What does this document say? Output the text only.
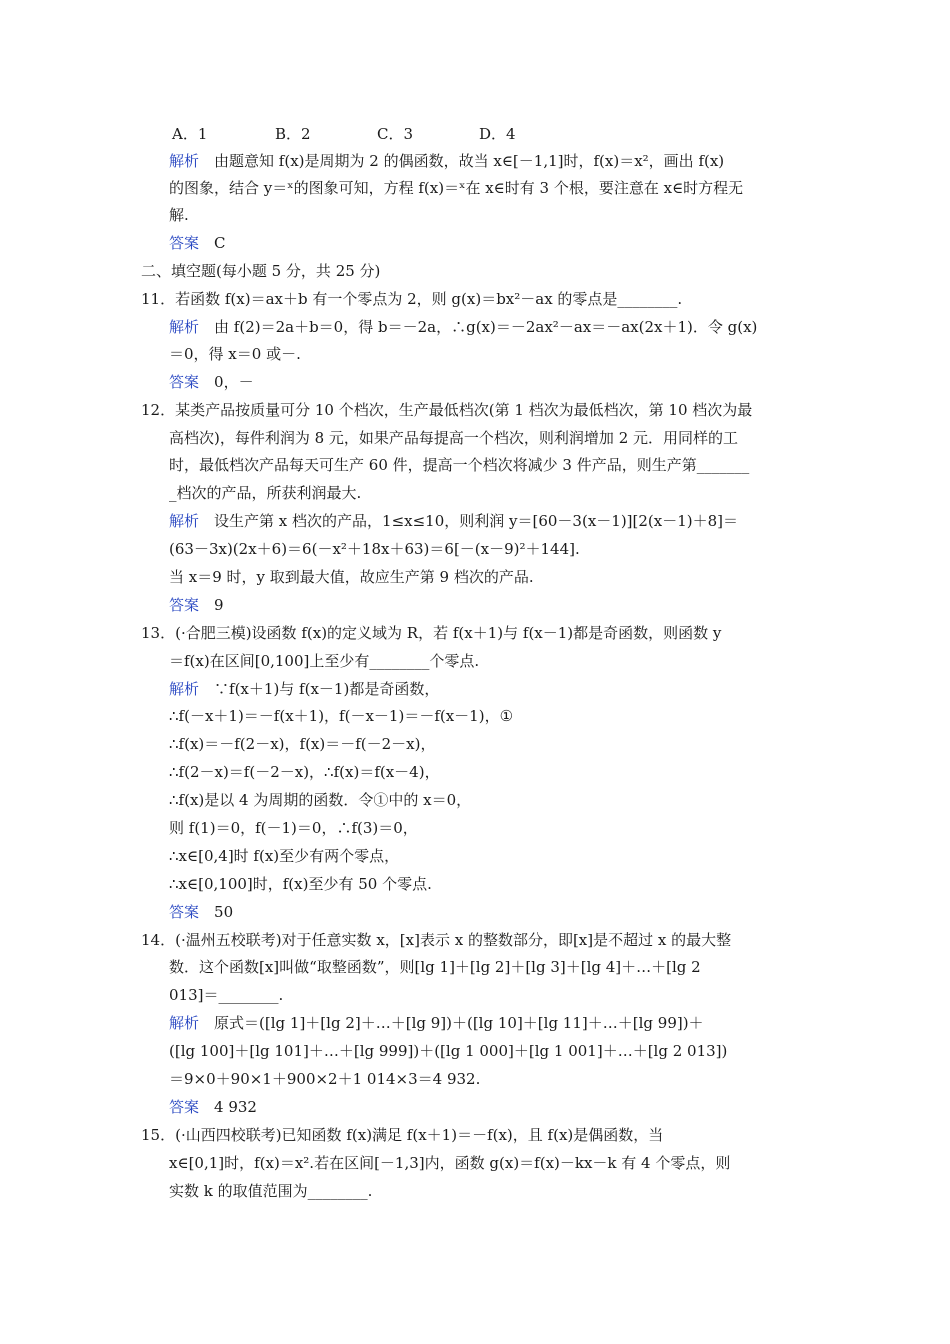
A．1	B．2	C．3	D．4
解析　 由题意知 f(x)是周期为 2 的偶函数，故当 x∈[－1,1]时，f(x)＝x²，画出 f(x)
的图象，结合 y＝ˣ的图象可知，方程 f(x)＝ˣ在 x∈时有 3 个根，要注意在 x∈时方程无
解.
答案　 C
二、填空题(每小题 5 分，共 25 分)
11．若函数 f(x)＝ax＋b 有一个零点为 2，则 g(x)＝bx²－ax 的零点是________.
解析　 由 f(2)＝2a＋b＝0，得 b＝－2a，∴g(x)＝－2ax²－ax＝－ax(2x＋1)．令 g(x)
＝0，得 x＝0 或－.
答案　 0，－
12．某类产品按质量可分 10 个档次，生产最低档次(第 1 档次为最低档次，第 10 档次为最
高档次)，每件利润为 8 元，如果产品每提高一个档次，则利润增加 2 元．用同样的工
时，最低档次产品每天可生产 60 件，提高一个档次将减少 3 件产品，则生产第_______
_档次的产品，所获利润最大.
解析　 设生产第 x 档次的产品，1≤x≤10，则利润 y＝[60－3(x－1)][2(x－1)＋8]＝
(63－3x)(2x＋6)＝6(－x²＋18x＋63)＝6[－(x－9)²＋144].
当 x＝9 时，y 取到最大值，故应生产第 9 档次的产品.
答案　 9
13．(·合肥三模)设函数 f(x)的定义域为 R，若 f(x＋1)与 f(x－1)都是奇函数，则函数 y
＝f(x)在区间[0,100]上至少有________个零点.
解析　 ∵f(x＋1)与 f(x－1)都是奇函数，
∴f(－x＋1)＝－f(x＋1)，f(－x－1)＝－f(x－1)，①
∴f(x)＝－f(2－x)，f(x)＝－f(－2－x)，
∴f(2－x)＝f(－2－x)，∴f(x)＝f(x－4)，
∴f(x)是以 4 为周期的函数．令①中的 x＝0，
则 f(1)＝0，f(－1)＝0，∴f(3)＝0，
∴x∈[0,4]时 f(x)至少有两个零点，
∴x∈[0,100]时，f(x)至少有 50 个零点.
答案　 50
14．(·温州五校联考)对于任意实数 x，[x]表示 x 的整数部分，即[x]是不超过 x 的最大整
数．这个函数[x]叫做“取整函数”，则[lg 1]＋[lg 2]＋[lg 3]＋[lg 4]＋…＋[lg 2
013]＝________.
解析　 原式＝([lg 1]＋[lg 2]＋…＋[lg 9])＋([lg 10]＋[lg 11]＋…＋[lg 99])＋
([lg 100]＋[lg 101]＋…＋[lg 999])＋([lg 1 000]＋[lg 1 001]＋…＋[lg 2 013])
＝9×0＋90×1＋900×2＋1 014×3＝4 932.
答案　 4 932
15．(·山西四校联考)已知函数 f(x)满足 f(x＋1)＝－f(x)，且 f(x)是偶函数，当
x∈[0,1]时，f(x)＝x².若在区间[－1,3]内，函数 g(x)＝f(x)－kx－k 有 4 个零点，则
实数 k 的取值范围为________.
